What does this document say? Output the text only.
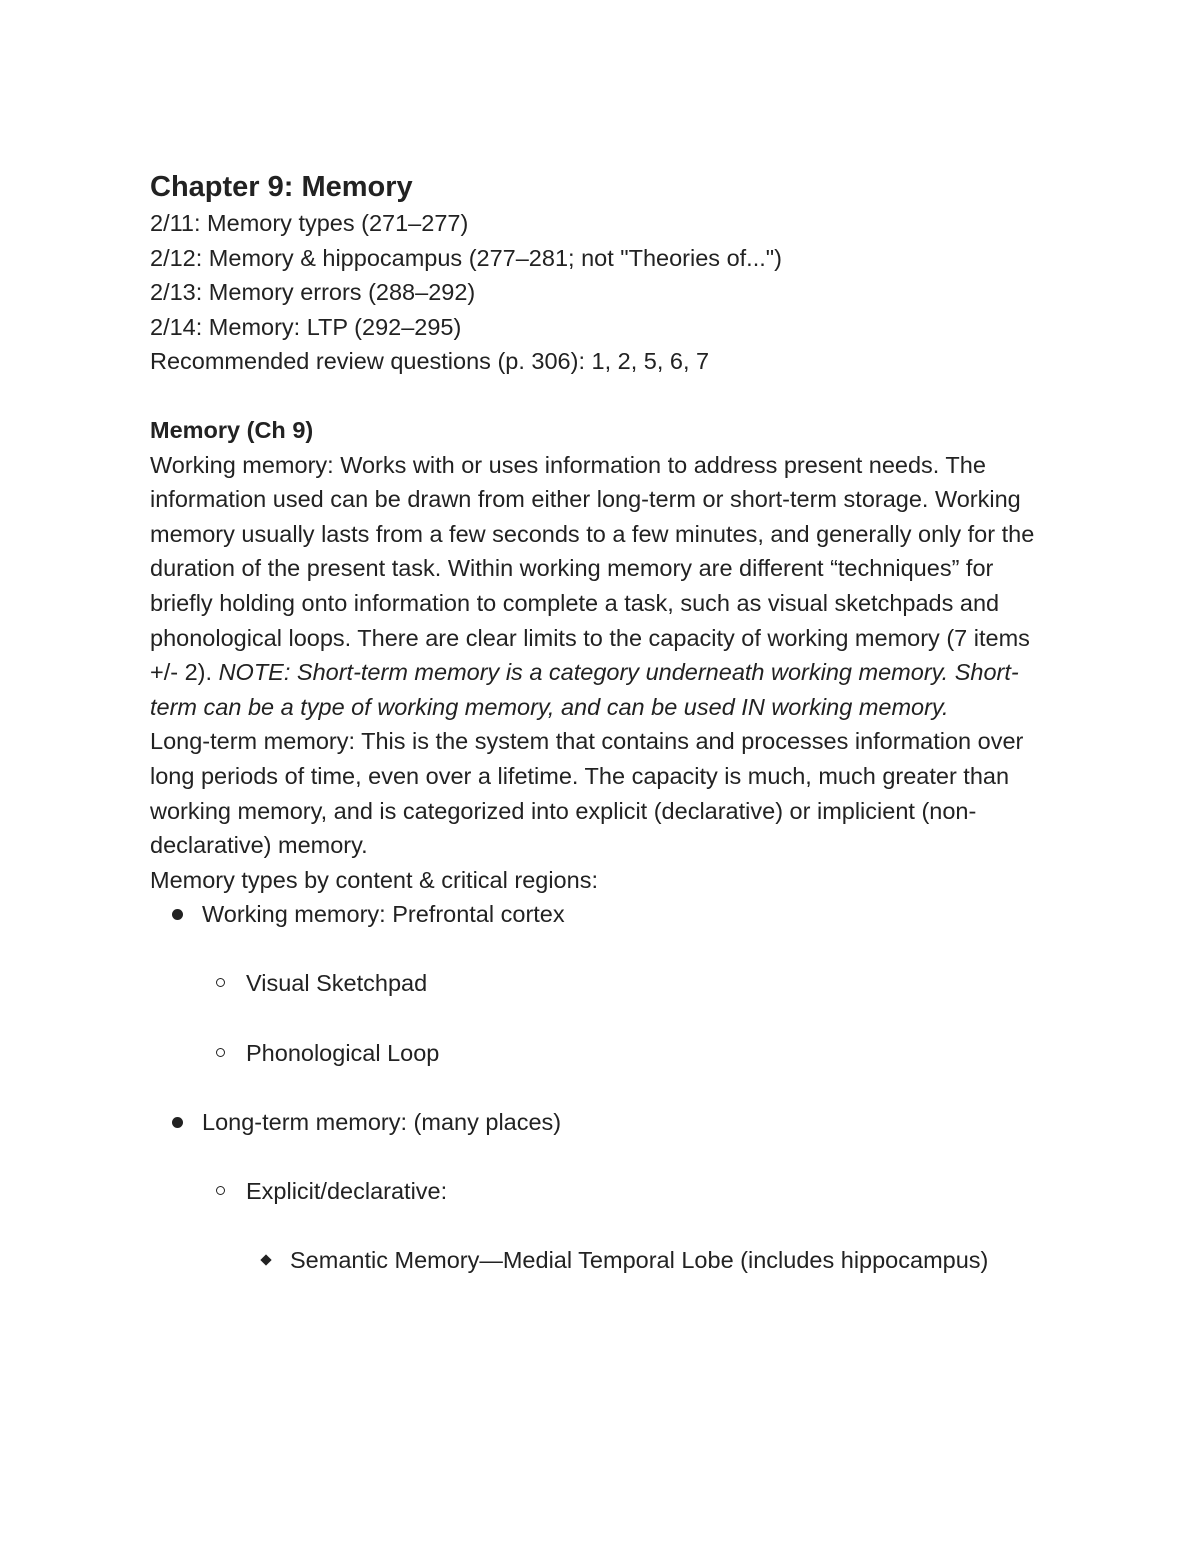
Chapter 9: Memory

2/11: Memory types (271–277)

2/12: Memory & hippocampus (277–281; not "Theories of...")

2/13: Memory errors (288–292)

2/14: Memory: LTP (292–295)

Recommended review questions (p. 306): 1, 2, 5, 6, 7

Memory (Ch 9)

Working memory: Works with or uses information to address present needs. The information used can be drawn from either long-term or short-term storage. Working memory usually lasts from a few seconds to a few minutes, and generally only for the duration of the present task. Within working memory are different “techniques” for briefly holding onto information to complete a task, such as visual sketchpads and phonological loops. There are clear limits to the capacity of working memory (7 items +/- 2). NOTE: Short-term memory is a category underneath working memory. Short-term can be a type of working memory, and can be used IN working memory.

Long-term memory: This is the system that contains and processes information over long periods of time, even over a lifetime. The capacity is much, much greater than working memory, and is categorized into explicit (declarative) or implicient (non-declarative) memory.

Memory types by content & critical regions:

Working memory: Prefrontal cortex
Visual Sketchpad
Phonological Loop
Long-term memory: (many places)
Explicit/declarative:
Semantic Memory—Medial Temporal Lobe (includes hippocampus)
